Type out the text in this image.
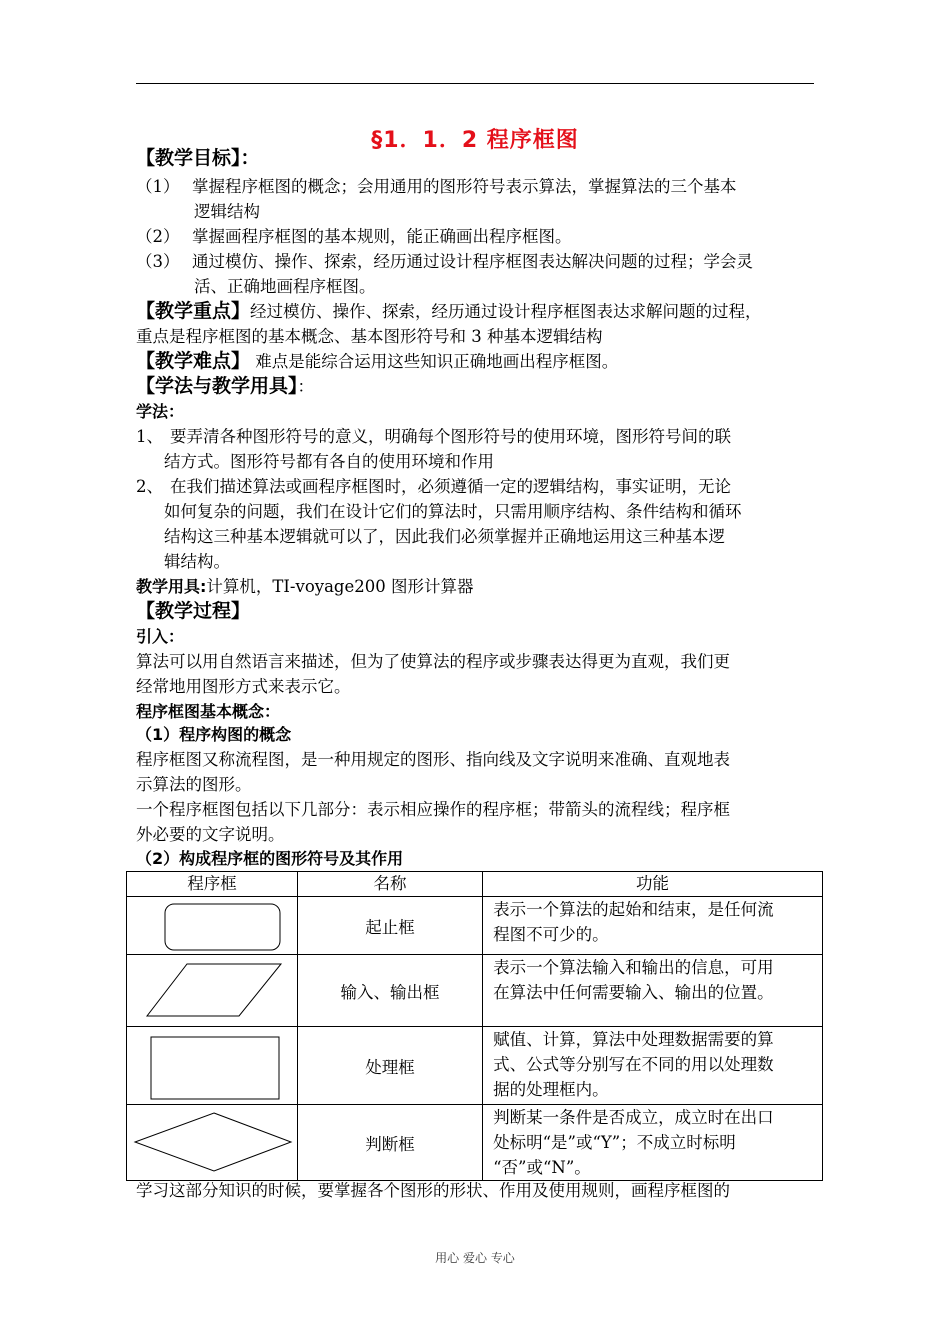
§1．1．2 程序框图
【教学目标】：
（1） 掌握程序框图的概念；会用通用的图形符号表示算法，掌握算法的三个基本
逻辑结构
（2） 掌握画程序框图的基本规则，能正确画出程序框图。
（3） 通过模仿、操作、探索，经历通过设计程序框图表达解决问题的过程；学会灵
活、正确地画程序框图。
【教学重点】经过模仿、操作、探索，经历通过设计程序框图表达求解问题的过程，
重点是程序框图的基本概念、基本图形符号和 3 种基本逻辑结构
【教学难点】 难点是能综合运用这些知识正确地画出程序框图。
【学法与教学用具】：
学法：
1、 要弄清各种图形符号的意义，明确每个图形符号的使用环境，图形符号间的联
结方式。图形符号都有各自的使用环境和作用
2、 在我们描述算法或画程序框图时，必须遵循一定的逻辑结构，事实证明，无论
如何复杂的问题，我们在设计它们的算法时，只需用顺序结构、条件结构和循环
结构这三种基本逻辑就可以了，因此我们必须掌握并正确地运用这三种基本逻
辑结构。
教学用具:计算机，TI-voyage200 图形计算器
【教学过程】
引入：
算法可以用自然语言来描述，但为了使算法的程序或步骤表达得更为直观，我们更
经常地用图形方式来表示它。
程序框图基本概念：
（1）程序构图的概念
程序框图又称流程图，是一种用规定的图形、指向线及文字说明来准确、直观地表
示算法的图形。
一个程序框图包括以下几部分：表示相应操作的程序框；带箭头的流程线；程序框
外必要的文字说明。
（2）构成程序框的图形符号及其作用
程序框	名称	功能

	起止框	表示一个算法的起始和结束，是任何流
程图不可少的。

	输入、输出框	表示一个算法输入和输出的信息，可用
在算法中任何需要输入、输出的位置。

	处理框	赋值、计算，算法中处理数据需要的算
式、公式等分别写在不同的用以处理数
据的处理框内。

	判断框	判断某一条件是否成立，成立时在出口
处标明“是”或“Y”；不成立时标明
“否”或“N”。
学习这部分知识的时候，要掌握各个图形的形状、作用及使用规则，画程序框图的
用心 爱心 专心
